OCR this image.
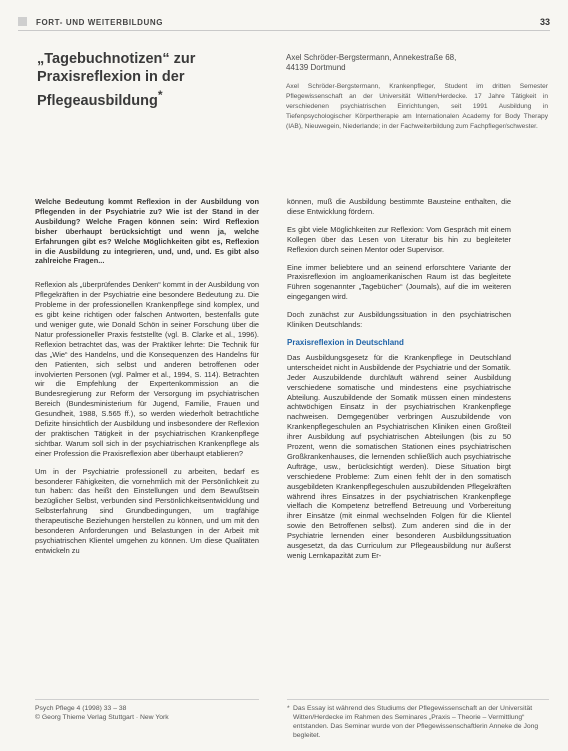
FORT- UND WEITERBILDUNG	33
„Tagebuchnotizen“ zur Praxisreflexion in der Pflegeausbildung*
Axel Schröder-Bergstermann, Annekestraße 68,
44139 Dortmund
Axel Schröder-Bergstermann, Krankenpfleger, Student im dritten Semester Pflegewissenschaft an der Universität Witten/Herdecke. 17 Jahre Tätigkeit in verschiedenen psychiatrischen Einrichtungen, seit 1991 Ausbildung in Tiefenpsychologischer Körpertherapie am Internationalen Academy for Body Therapy (IAB), Nieuwegein, Niederlande; in der Fachweiterbildung zum Fachpfleger/schwester.

Welche Bedeutung kommt Reflexion in der Ausbildung von Pflegenden in der Psychiatrie zu? Wie ist der Stand in der Ausbildung? Welche Fragen können sein: Wird Reflexion bisher überhaupt berücksichtigt und wenn ja, welche Erfahrungen gibt es? Welche Möglichkeiten gibt es, Reflexion in die Ausbildung zu integrieren, und, und, und. Es gibt also zahlreiche Fragen...

Reflexion als „überprüfendes Denken“ kommt in der Ausbildung von Pflegekräften in der Psychiatrie eine besondere Bedeutung zu. Die Probleme in der professionellen Krankenpflege sind komplex, und es gibt keine richtigen oder falschen Antworten, bestenfalls gute und weniger gute, wie Donald Schön in seiner Forschung über die Natur professioneller Praxis feststellte (vgl. B. Clarke et al., 1996). Reflexion betrachtet das, was der Praktiker lehrte: Die Technik für das „Wie“ des Handelns, und die Konsequenzen des Handelns für den Patienten, sich selbst und anderen betroffenen oder involvierten Personen (vgl. Palmer et al., 1994, S. 114). Betrachten wir die Empfehlung der Expertenkommission an die Bundesregierung zur Reform der Versorgung im psychiatrischen Bereich (Bundesministerium für Jugend, Familie, Frauen und Gesundheit, 1988, S.565 ff.), so werden wiederholt betrachtliche Defizite hinsichtlich der Ausbildung und insbesondere der Reflexion der praktischen Tätigkeit in der psychiatrischen Krankenpflege sichtbar. Warum soll sich in der psychiatrischen Krankenpflege als einer Profession die Praxisreflexion aber überhaupt etablieren?

Um in der Psychiatrie professionell zu arbeiten, bedarf es besonderer Fähigkeiten, die vornehmlich mit der Persönlichkeit zu tun haben: das heißt den Einstellungen und dem Bewußtsein bezüglicher Selbst, verbunden sind Persönlichkeitsentwicklung und Selbsterfahrung sind Grundbedingungen, um tragfähige therapeutische Beziehungen herstellen zu können, und um mit den besonderen Anforderungen und Belastungen in der Arbeit mit psychiatrischen Klientel umgehen zu können. Um diese Qualitäten entwickeln zu

können, muß die Ausbildung bestimmte Bausteine enthalten, die diese Entwicklung fördern.

Es gibt viele Möglichkeiten zur Reflexion: Vom Gespräch mit einem Kollegen über das Lesen von Literatur bis hin zu begleiteter Reflexion durch seinen Mentor oder Supervisor.

Eine immer beliebtere und an seinend erforschtere Variante der Praxisreflexion im angloamerikanischen Raum ist das begleitete Führen sogenannter „Tagebücher“ (Journals), auf die im weiteren eingegangen wird.

Doch zunächst zur Ausbildungssituation in den psychiatrischen Kliniken Deutschlands:

Praxisreflexion in Deutschland

Das Ausbildungsgesetz für die Krankenpflege in Deutschland unterscheidet nicht in Ausbildende der Psychiatrie und der Somatik. Jeder Auszubildende durchläuft während seiner Ausbildung verschiedene somatische und mindestens eine psychiatrische Abteilung. Auszubildende der Somatik müssen einen mindestens achtwöchigen Einsatz in der psychiatrischen Krankenpflege nachweisen. Demgegenüber verbringen Auszubildende von Krankenpflegeschulen an Psychiatrischen Kliniken einen Großteil ihrer Ausbildung auf psychiatrischen Abteilungen (bis zu 50 Prozent, wenn die somatischen Stationen eines psychiatrischen Großkrankenhauses, die lernenden schließlich auch psychiatrische Aufträge, usw., berücksichtigt werden). Diese Situation birgt verschiedene Probleme: Zum einen fehlt der in den somatisch ausgebildeten Krankenpflegeschulen auszubildenden Pflegekräften während ihres Einsatzes in der psychiatrischen Krankenpflege vielfach die Kompetenz betreffend Betreuung und Vorbereitung ihrer Einsätze (mit einmal wechselnden Folgen für die Klientel sowie den Betroffenen selbst). Zum anderen sind die in der Psychiatrie lernenden einer besonderen Ausbildungssituation ausgesetzt, da das Curriculum zur Pflegeausbildung nur äußerst wenig Lernkapazität zum Er-

Psych Pflege 4 (1998) 33 – 38
© Georg Thieme Verlag Stuttgart · New York
* Das Essay ist während des Studiums der Pflegewissenschaft an der Universität Witten/Herdecke im Rahmen des Seminares „Praxis – Theorie – Vermittlung“ entstanden. Das Seminar wurde von der Pflegewissenschaftlerin Anneke de Jong begleitet.
